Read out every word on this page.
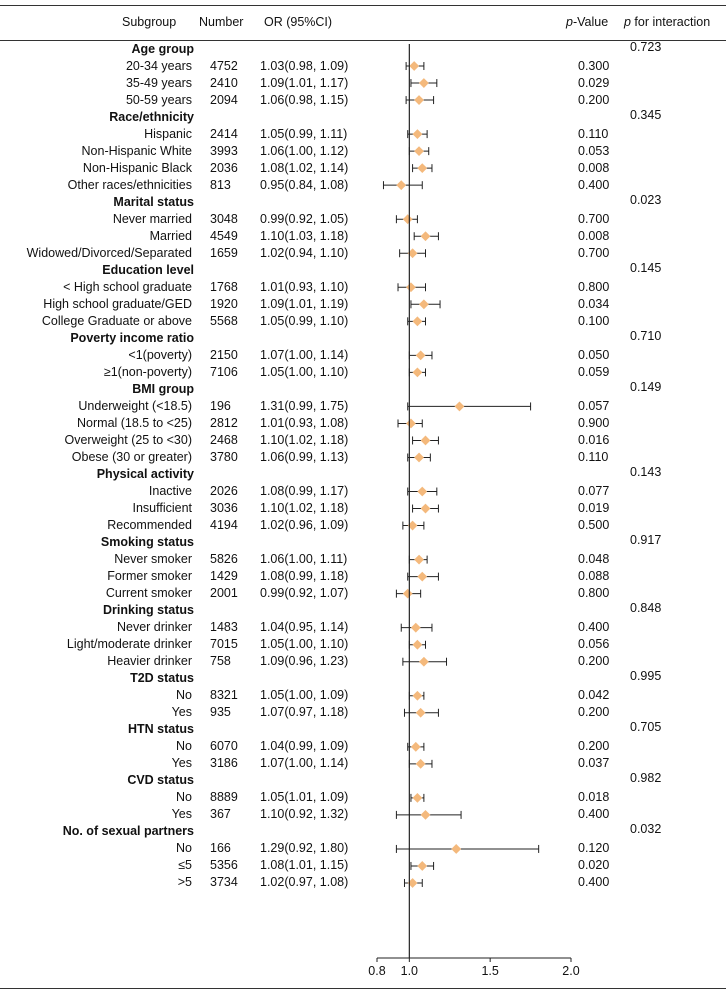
Subgroup Number OR (95%CI)	p-Value p for interaction
Age group	0.723
20-34 years 4752 1.03(0.98, 1.09)	0.300
35-49 years 2410 1.09(1.01, 1.17)	0.029
50-59 years 2094 1.06(0.98, 1.15)	0.200
Race/ethnicity	0.345
Hispanic 2414 1.05(0.99, 1.11)	0.110
Non-Hispanic White 3993 1.06(1.00, 1.12)	0.053
Non-Hispanic Black 2036 1.08(1.02, 1.14)	0.008
Other races/ethnicities 813 0.95(0.84, 1.08)	0.400
Marital status	0.023
Never married 3048 0.99(0.92, 1.05)	0.700
Married 4549 1.10(1.03, 1.18)	0.008
Widowed/Divorced/Separated 1659 1.02(0.94, 1.10)	0.700
Education level	0.145
< High school graduate 1768 1.01(0.93, 1.10)	0.800
High school graduate/GED 1920 1.09(1.01, 1.19)	0.034
College Graduate or above 5568 1.05(0.99, 1.10)	0.100
Poverty income ratio	0.710
<1(poverty) 2150 1.07(1.00, 1.14)	0.050
≥1(non-poverty) 7106 1.05(1.00, 1.10)	0.059
BMI group	0.149
Underweight (<18.5) 196 1.31(0.99, 1.75)	0.057
Normal (18.5 to <25) 2812 1.01(0.93, 1.08)	0.900
Overweight (25 to <30) 2468 1.10(1.02, 1.18)	0.016
Obese (30 or greater) 3780 1.06(0.99, 1.13)	0.110
Physical activity	0.143
Inactive 2026 1.08(0.99, 1.17)	0.077
Insufficient 3036 1.10(1.02, 1.18)	0.019
Recommended 4194 1.02(0.96, 1.09)	0.500
Smoking status	0.917
Never smoker 5826 1.06(1.00, 1.11)	0.048
Former smoker 1429 1.08(0.99, 1.18)	0.088
Current smoker 2001 0.99(0.92, 1.07)	0.800
Drinking status	0.848
Never drinker 1483 1.04(0.95, 1.14)	0.400
Light/moderate drinker 7015 1.05(1.00, 1.10)	0.056
Heavier drinker 758 1.09(0.96, 1.23)	0.200
T2D status	0.995
No 8321 1.05(1.00, 1.09)	0.042
Yes 935 1.07(0.97, 1.18)	0.200
HTN status	0.705
No 6070 1.04(0.99, 1.09)	0.200
Yes 3186 1.07(1.00, 1.14)	0.037
CVD status	0.982
No 8889 1.05(1.01, 1.09)	0.018
Yes 367 1.10(0.92, 1.32)	0.400
No. of sexual partners	0.032
No 166 1.29(0.92, 1.80)	0.120
≤5 5356 1.08(1.01, 1.15)	0.020
>5 3734 1.02(0.97, 1.08)	0.400
0.8 1.0	1.5	2.0
